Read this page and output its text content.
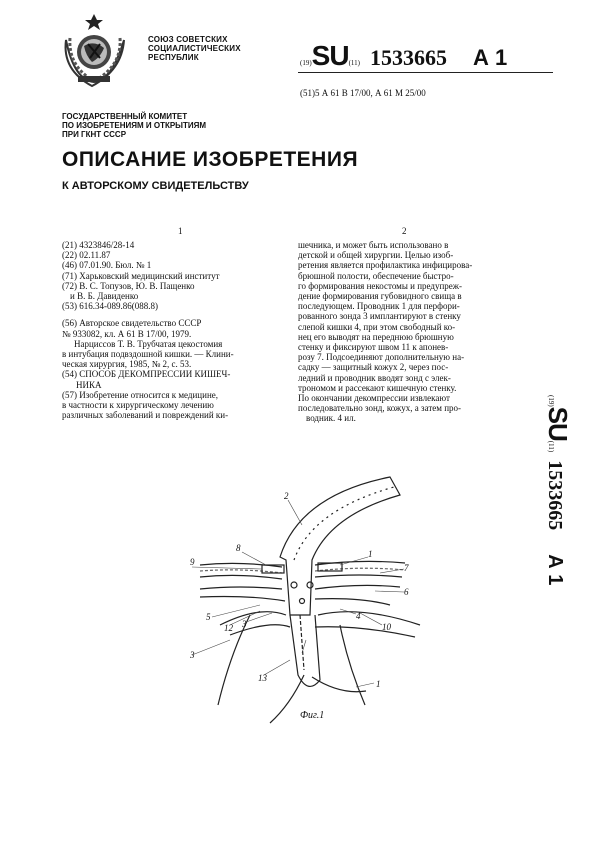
СОЮЗ СОВЕТСКИХ
СОЦИАЛИСТИЧЕСКИХ
РЕСПУБЛИК
(19) SU (11) 1533665 А 1
(51)5 А 61 В 17/00, А 61 М 25/00
ГОСУДАРСТВЕННЫЙ КОМИТЕТ
ПО ИЗОБРЕТЕНИЯМ И ОТКРЫТИЯМ
ПРИ ГКНТ СССР
ОПИСАНИЕ ИЗОБРЕТЕНИЯ
К АВТОРСКОМУ СВИДЕТЕЛЬСТВУ
1	2
(21) 4323846/28-14
(22) 02.11.87
(46) 07.01.90. Бюл. № 1
(71) Харьковский медицинский институт
(72) В. С. Топузов, Ю. В. Пащенко
и В. Б. Давиденко
(53) 616.34-089.86(088.8)
(56) Авторское свидетельство СССР
№ 933082, кл. А 61 В 17/00, 1979.
Нарциссов Т. В. Трубчатая цекостомия
в интубация подвздошной кишки. — Клини-
ческая хирургия, 1985, № 2, с. 53.
(54) СПОСОБ ДЕКОМПРЕССИИ КИШЕЧ-
НИКА
(57) Изобретение относится к медицине,
в частности к хирургическому лечению
различных заболеваний и повреждений ки-
шечника, и может быть использовано в
детской и общей хирургии. Целью изоб-
ретения является профилактика инфицирова-
брюшной полости, обеспечение быстро-
го формирования некостомы и предупреж-
дение формирования губовидного свища в
последующем. Проводник 1 для перфори-
рованного зонда 3 имплантируют в стенку
слепой кишки 4, при этом свободный ко-
нец его выводят на переднюю брюшную
стенку и фиксируют швом 11 к апонев-
розу 7. Подсоединяют дополнительную на-
садку — защитный кожух 2, через пос-
ледний и проводник вводят зонд с элек-
трономом и рассекают кишечную стенку.
По окончании декомпрессии извлекают
последовательно зонд, кожух, а затем про-
водник. 4 ил.
(19)
SU
(11)
1533665
А 1
2
8
9
1
7
6
5
3
12	10
4
3
13
1
Фиг.1
